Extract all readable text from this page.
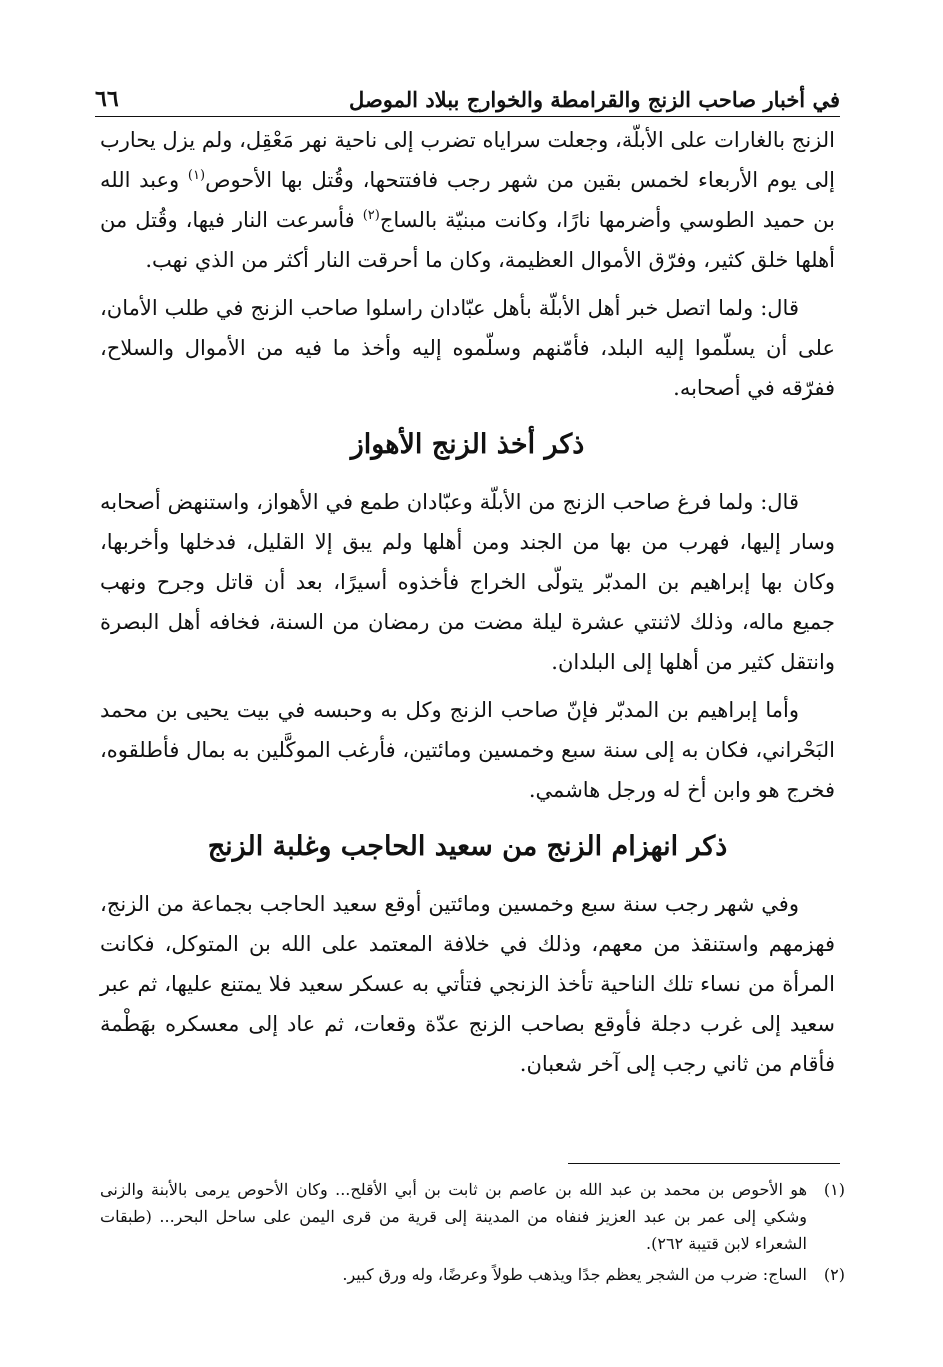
في أخبار صاحب الزنج والقرامطة والخوارج ببلاد الموصل
٦٦

الزنج بالغارات على الأبلّة، وجعلت سراياه تضرب إلى ناحية نهر مَعْقِل، ولم يزل يحارب إلى يوم الأربعاء لخمس بقين من شهر رجب فافتتحها، وقُتل بها الأحوص$^{(١)}$ وعبد الله بن حميد الطوسي وأضرمها نارًا، وكانت مبنيّة بالساج$^{(٢)}$ فأسرعت النار فيها، وقُتل من أهلها خلق كثير، وفرّق الأموال العظيمة، وكان ما أحرقت النار أكثر من الذي نهب.

قال: ولما اتصل خبر أهل الأبلّة بأهل عبّادان راسلوا صاحب الزنج في طلب الأمان، على أن يسلّموا إليه البلد، فأمّنهم وسلّموه إليه وأخذ ما فيه من الأموال والسلاح، ففرّقه في أصحابه.

ذكر أخذ الزنج الأهواز

قال: ولما فرغ صاحب الزنج من الأبلّة وعبّادان طمع في الأهواز، واستنهض أصحابه وسار إليها، فهرب من بها من الجند ومن أهلها ولم يبق إلا القليل، فدخلها وأخربها، وكان بها إبراهيم بن المدبّر يتولّى الخراج فأخذوه أسيرًا، بعد أن قاتل وجرح ونهب جميع ماله، وذلك لاثنتي عشرة ليلة مضت من رمضان من السنة، فخافه أهل البصرة وانتقل كثير من أهلها إلى البلدان.

وأما إبراهيم بن المدبّر فإنّ صاحب الزنج وكل به وحبسه في بيت يحيى بن محمد البَحْراني، فكان به إلى سنة سبع وخمسين ومائتين، فأرغب الموكَّلين به بمال فأطلقوه، فخرج هو وابن أخ له ورجل هاشمي.

ذكر انهزام الزنج من سعيد الحاجب وغلبة الزنج

وفي شهر رجب سنة سبع وخمسين ومائتين أوقع سعيد الحاجب بجماعة من الزنج، فهزمهم واستنقذ من معهم، وذلك في خلافة المعتمد على الله بن المتوكل، فكانت المرأة من نساء تلك الناحية تأخذ الزنجي فتأتي به عسكر سعيد فلا يمتنع عليها، ثم عبر سعيد إلى غرب دجلة فأوقع بصاحب الزنج عدّة وقعات، ثم عاد إلى معسكره بهَطْمة فأقام من ثاني رجب إلى آخر شعبان.

(١)
هو الأحوص بن محمد بن عبد الله بن عاصم بن ثابت بن أبي الأقلح... وكان الأحوص يرمى بالأبنة والزنى وشكي إلى عمر بن عبد العزيز فنفاه من المدينة إلى قرية من قرى اليمن على ساحل البحر... (طبقات الشعراء لابن قتيبة ٢٦٢).
(٢)
الساج: ضرب من الشجر يعظم جدًا ويذهب طولاً وعرضًا، وله ورق كبير.
